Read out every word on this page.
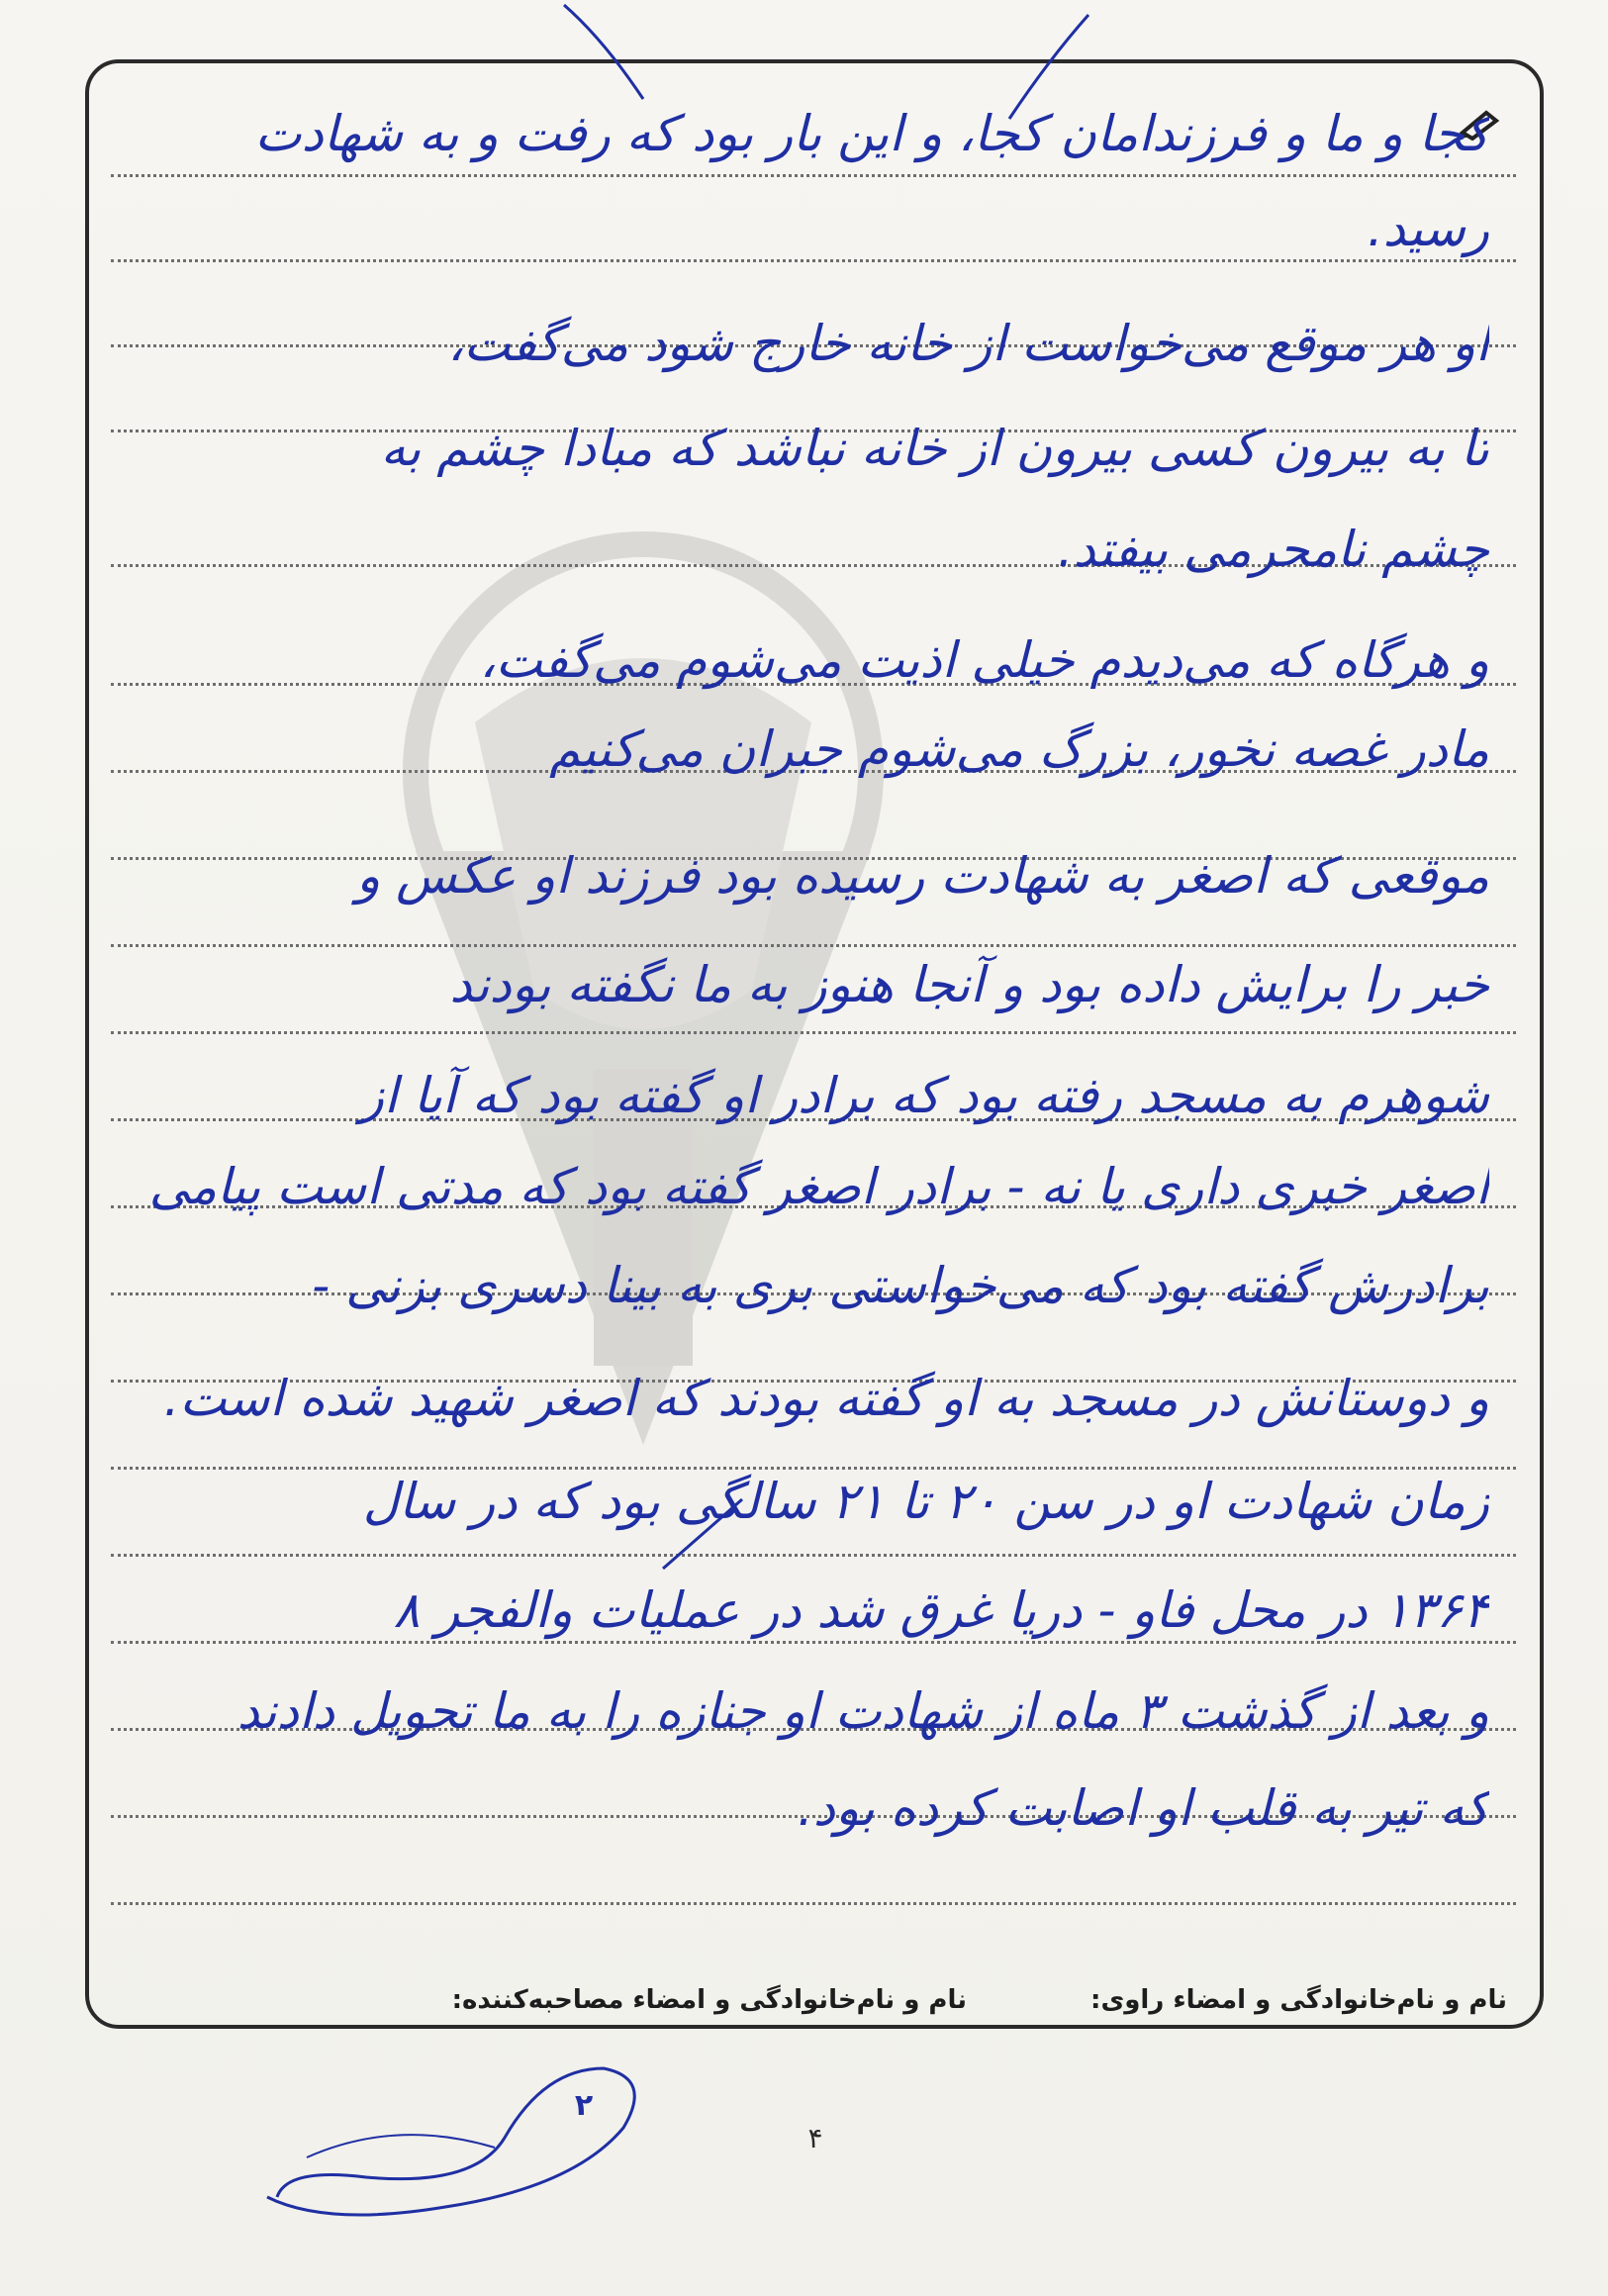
کجا و ما و فرزندامان کجا، و این بار بود که رفت و به شهادت
رسید.
او هر موقع می‌خواست از خانه خارج شود می‌گفت،
تا به بیرون کسی بیرون از خانه نباشد که مبادا چشم به
چشم نامحرمی بیفتد.
و هرگاه که می‌دیدم خیلی اذیت می‌شوم می‌گفت،
مادر غصه نخور، بزرگ می‌شوم جبران می‌کنیم
موقعی که اصغر به شهادت رسیده بود فرزند او عکس و
خبر را برایش داده بود و آنجا هنوز به ما نگفته بودند
شوهرم به مسجد رفته بود که برادر او گفته بود که آیا از
اصغر خبری داری یا نه - برادر اصغر گفته بود که مدتی است پیامی
برادرش گفته بود که می‌خواستی بری به بینا دسری بزنی -
و دوستانش در مسجد به او گفته بودند که اصغر شهید شده است.
زمان شهادت او در سن ۲۰ تا ۲۱ سالگی بود که در سال
۱۳۶۴ در محل فاو - دریا غرق شد در عملیات والفجر ۸
و بعد از گذشت ۳ ماه از شهادت او جنازه را به ما تحویل دادند
که تیر به قلب او اصابت کرده بود.
نام و نام‌خانوادگی و امضاء راوی:
نام و نام‌خانوادگی و امضاء مصاحبه‌کننده:
۲
۴
